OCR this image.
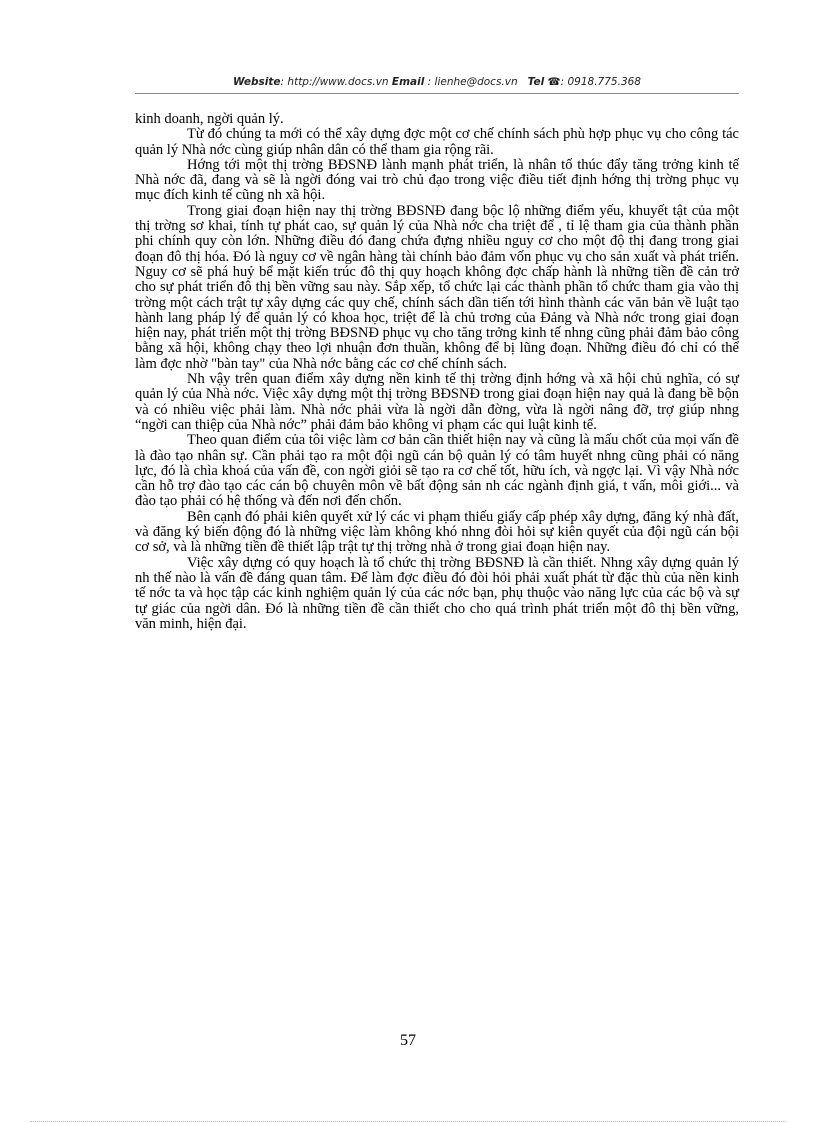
Website: http://www.docs.vn Email : lienhe@docs.vn Tel ☎: 0918.775.368

kinh doanh, ngời quản lý.

Từ đó chúng ta mới có thể xây dựng đợc một cơ chế chính sách phù hợp phục vụ cho công tác quản lý Nhà nớc cùng giúp nhân dân có thể tham gia rộng rãi.

Hớng tới một thị trờng BĐSNĐ lành mạnh phát triển, là nhân tố thúc đẩy tăng trởng kinh tế Nhà nớc đã, đang và sẽ là ngời đóng vai trò chủ đạo trong việc điều tiết định hớng thị trờng phục vụ mục đích kinh tế cũng nh xã hội.

Trong giai đoạn hiện nay thị trờng BĐSNĐ đang bộc lộ những điểm yếu, khuyết tật của một thị trờng sơ khai, tính tự phát cao, sự quản lý của Nhà nớc cha triệt để , tỉ lệ tham gia của thành phần phi chính quy còn lớn. Những điều đó đang chứa đựng nhiều nguy cơ cho một độ thị đang trong giai đoạn đô thị hóa. Đó là nguy cơ về ngân hàng tài chính bảo đảm vốn phục vụ cho sản xuất và phát triển. Nguy cơ sẽ phá huỷ bể mặt kiến trúc đô thị quy hoạch không đợc chấp hành là những tiền đề cản trở cho sự phát triển đô thị bền vững sau này. Sắp xếp, tổ chức lại các thành phần tổ chức tham gia vào thị trờng một cách trật tự xây dựng các quy chế, chính sách dần tiến tới hình thành các văn bản về luật tạo hành lang pháp lý để quản lý có khoa học, triệt để là chủ trơng của Đảng và Nhà nớc trong giai đoạn hiện nay, phát triển một thị trờng BĐSNĐ phục vụ cho tăng trởng kinh tế nhng cũng phải đảm bảo công bằng xã hội, không chạy theo lợi nhuận đơn thuần, không để bị lũng đoạn. Những điều đó chỉ có thể làm đợc nhờ "bàn tay" của Nhà nớc bằng các cơ chế chính sách.

Nh vậy trên quan điểm xây dựng nền kinh tế thị trờng định hớng và xã hội chủ nghĩa, có sự quản lý của Nhà nớc. Việc xây dựng một thị trờng BĐSNĐ trong giai đoạn hiện nay quả là đang bề bộn và có nhiều việc phải làm. Nhà nớc phải vừa là ngời dẫn đờng, vừa là ngời nâng đỡ, trợ giúp nhng “ngời can thiệp của Nhà nớc” phải đảm bảo không vi phạm các qui luật kinh tế.

Theo quan điểm của tôi việc làm cơ bản cần thiết hiện nay và cũng là mấu chốt của mọi vấn đề là đào tạo nhân sự. Cần phải tạo ra một đội ngũ cán bộ quản lý có tâm huyết nhng cũng phải có năng lực, đó là chìa khoá của vấn đề, con ngời giỏi sẽ tạo ra cơ chế tốt, hữu ích, và ngợc lại. Vì vậy Nhà nớc cần hỗ trợ đào tạo các cán bộ chuyên môn về bất động sản nh các ngành định giá, t vấn, môi giới... và đào tạo phải có hệ thống và đến nơi đến chốn.

Bên cạnh đó phải kiên quyết xử lý các vi phạm thiếu giấy cấp phép xây dựng, đăng ký nhà đất, và đăng ký biến động đó là những việc làm không khó nhng đòi hỏi sự kiên quyết của đội ngũ cán bội cơ sở, và là những tiền đề thiết lập trật tự thị trờng nhà ở trong giai đoạn hiện nay.

Việc xây dựng có quy hoạch là tổ chức thị trờng BĐSNĐ là cần thiết. Nhng xây dựng quản lý nh thế nào là vấn đề đáng quan tâm. Để làm đợc điều đó đòi hỏi phải xuất phát từ đặc thù của nền kinh tế nớc ta và học tập các kinh nghiệm quản lý của các nớc bạn, phụ thuộc vào năng lực của các bộ và sự tự giác của ngời dân. Đó là những tiền đề cần thiết cho cho quá trình phát triển một đô thị bền vững, văn minh, hiện đại.

57
